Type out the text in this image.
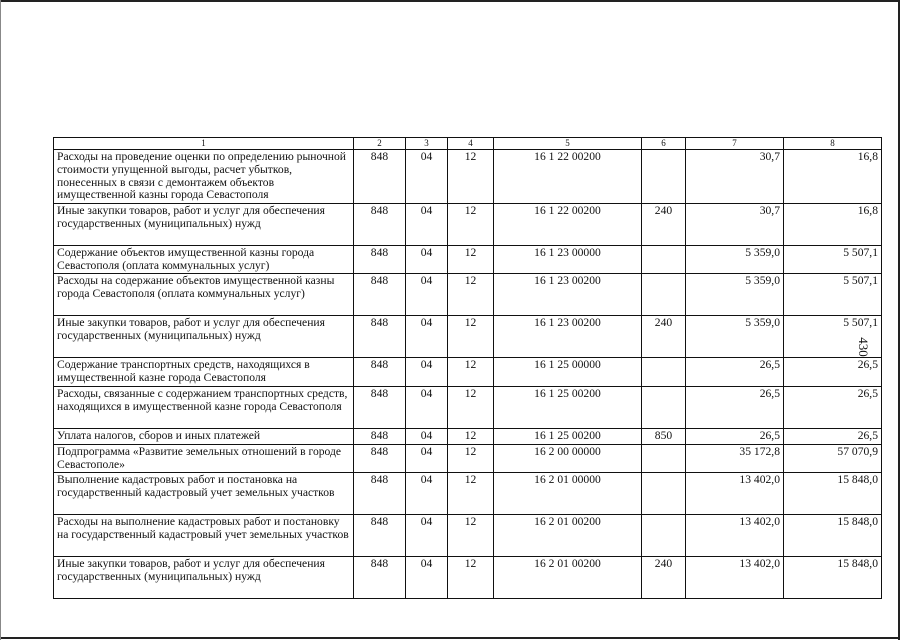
1	2	3	4	5	6	7	8
Расходы на проведение оценки по определению рыночной стоимости упущенной выгоды, расчет убытков, понесенных в связи с демонтажем объектов имущественной казны города Севастополя	848	04	12	16 1 22 00200		30,7	16,8
Иные закупки товаров, работ и услуг для обеспечения государственных (муниципальных) нужд	848	04	12	16 1 22 00200	240	30,7	16,8
Содержание объектов имущественной казны города Севастополя (оплата коммунальных услуг)	848	04	12	16 1 23 00000		5 359,0	5 507,1
Расходы на содержание объектов имущественной казны города Севастополя (оплата коммунальных услуг)	848	04	12	16 1 23 00200		5 359,0	5 507,1
Иные закупки товаров, работ и услуг для обеспечения государственных (муниципальных) нужд	848	04	12	16 1 23 00200	240	5 359,0	5 507,1
Содержание транспортных средств, находящихся в имущественной казне города Севастополя	848	04	12	16 1 25 00000		26,5	26,5
Расходы, связанные с содержанием транспортных средств, находящихся в имущественной казне города Севастополя	848	04	12	16 1 25 00200		26,5	26,5
Уплата налогов, сборов и иных платежей	848	04	12	16 1 25 00200	850	26,5	26,5
Подпрограмма «Развитие земельных отношений в городе Севастополе»	848	04	12	16 2 00 00000		35 172,8	57 070,9
Выполнение кадастровых работ и постановка на государственный кадастровый учет земельных участков	848	04	12	16 2 01 00000		13 402,0	15 848,0
Расходы на выполнение кадастровых работ и постановку на государственный кадастровый учет земельных участков	848	04	12	16 2 01 00200		13 402,0	15 848,0
Иные закупки товаров, работ и услуг для обеспечения государственных (муниципальных) нужд	848	04	12	16 2 01 00200	240	13 402,0	15 848,0
430
